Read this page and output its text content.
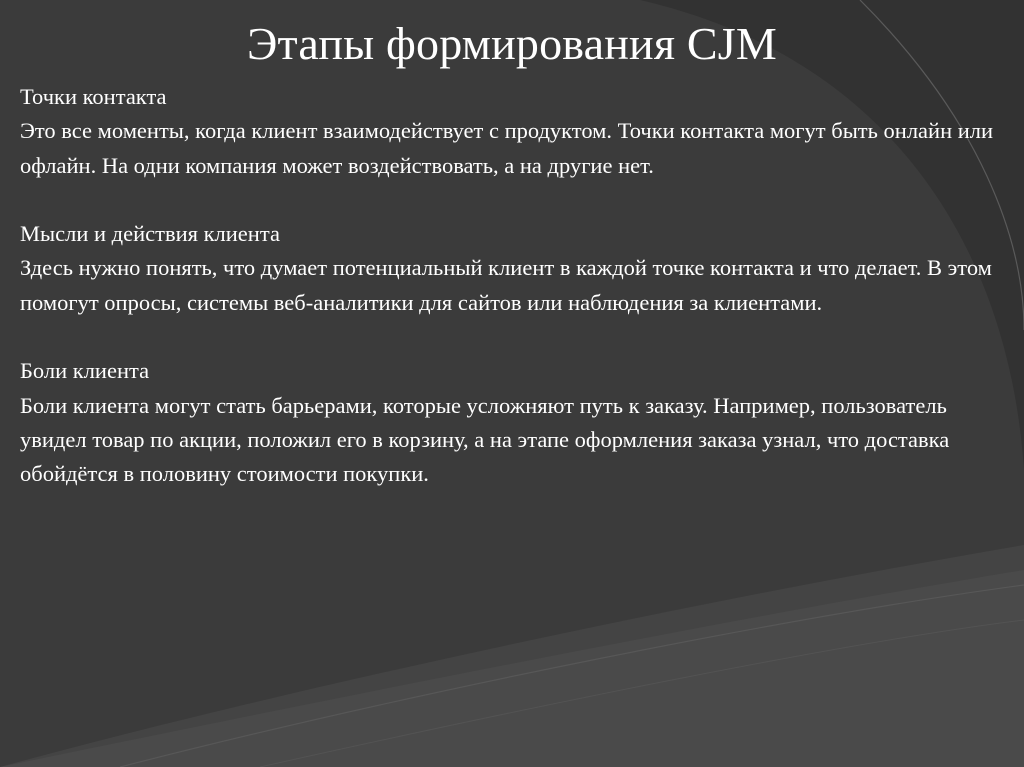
Этапы формирования CJM

Точки контакта

Это все моменты, когда клиент взаимодействует с продуктом. Точки контакта могут быть онлайн или офлайн. На одни компания может воздействовать, а на другие нет.

Мысли и действия клиента

Здесь нужно понять, что думает потенциальный клиент в каждой точке контакта и что делает. В этом помогут опросы, системы веб-аналитики для сайтов или наблюдения за клиентами.

Боли клиента

Боли клиента могут стать барьерами, которые усложняют путь к заказу. Например, пользователь увидел товар по акции, положил его в корзину, а на этапе оформления заказа узнал, что доставка обойдётся в половину стоимости покупки.
